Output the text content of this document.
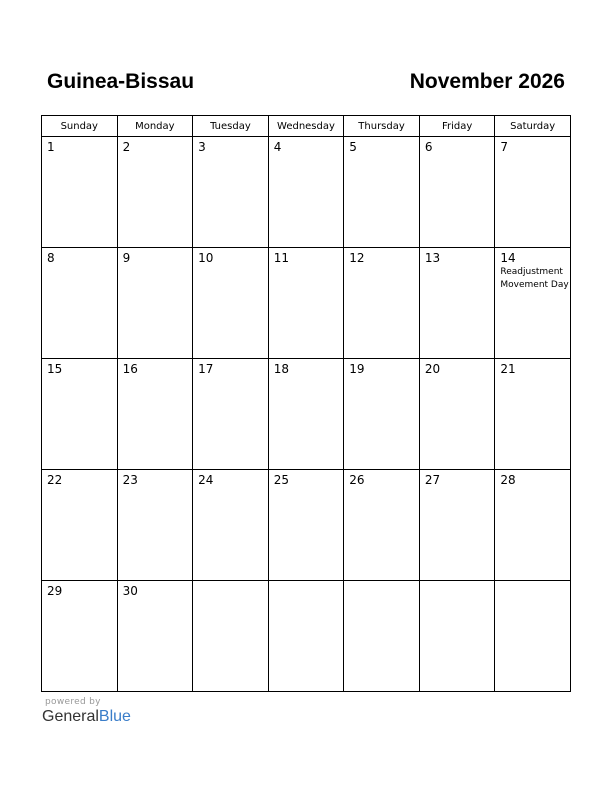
Guinea-Bissau	November 2026
Sunday	Monday	Tuesday	Wednesday	Thursday	Friday	Saturday

1	2	3	4	5	6	7

8	9	10	11	12	13	14
Readjustment Movement Day

15	16	17	18	19	20	21

22	23	24	25	26	27	28

29	30					

powered by
GeneralBlue
